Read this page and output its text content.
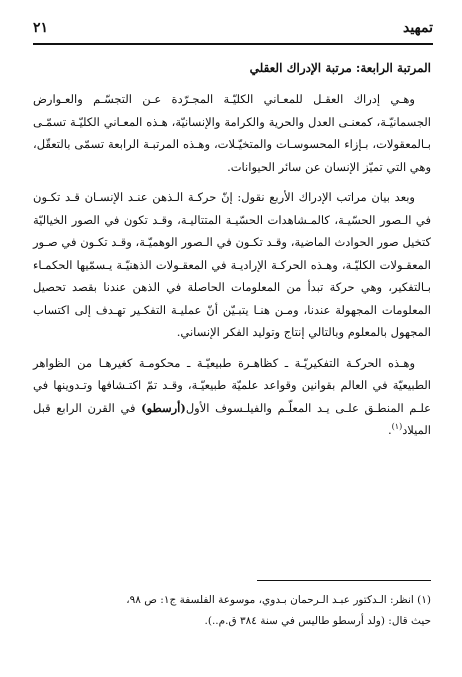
تمهيد
٢١

المرتبة الرابعة: مرتبة الإدراك العقلي

وهـي إدراك العقـل للمعـاني الكليّـة المجـرّدة عـن التجسّـم والعـوارض الجسمانيّـة، كمعنـى العدل والحرية والكرامة والإنسانيّة، هـذه المعـاني الكليّـة تسمّـى بـالمعقولات، بـإزاء المحسوسـات والمتخيّـلات، وهـذه المرتبـة الرابعة تسمّى بالتعقّل، وهي التي تميّز الإنسان عن سائر الحيوانات.

وبعد بيان مراتب الإدراك الأربع نقول: إنّ حركـة الـذهن عنـد الإنسـان قـد تكـون في الـصور الحسّيـة، كالمـشاهدات الحسّيـة المتتاليـة، وقـد تكون في الصور الخياليّة كتخيل صور الحوادث الماضية، وقـد تكـون في الـصور الوهميّـة، وقـد تكـون في صـور المعقـولات الكليّـة، وهـذه الحركـة الإراديـة في المعقـولات الذهنيّـة يـسمّيها الحكمـاء بـالتفكير، وهي حركة تبدأ من المعلومات الحاصلة في الذهن عندنا بقصد تحصيل المعلومات المجهولة عندنا، ومـن هنـا يتبـيّن أنّ عمليـة التفكـير تهـدف إلى اكتساب المجهول بالمعلوم وبالتالي إنتاج وتوليد الفكر الإنساني.

وهـذه الحركـة التفكيريّـة ـ كظاهـرة طبيعيّـة ـ محكومـة كغيرهـا من الظواهر الطبيعيّة في العالم بقوانين وقواعد علميّة طبيعيّـة، وقـد تمّ اكتـشافها وتـدوينها في علـم المنطـق علـى يـد المعلّـم والفيلـسوف الأول(أرسطو) في القرن الرابع قبل الميلاد$^{(١)}$.

(١) انظر: الـدكتور عبـد الـرحمان بـدوي، موسوعة الفلسفة ج١: ص ٩٨،

حيث قال: (ولد أرسطو طاليس في سنة ٣٨٤ ق.م..).
